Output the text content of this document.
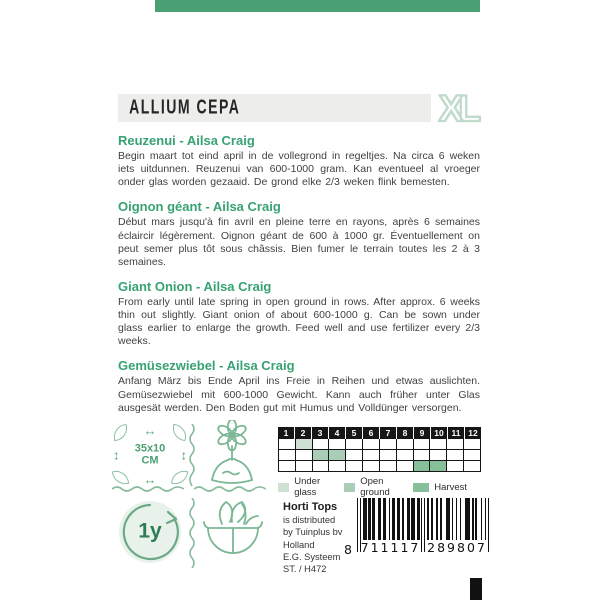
ALLIUM CEPA	XL
Reuzenui - Ailsa Craig

Begin maart tot eind april in de vollegrond in regeltjes. Na circa 6 weken iets uitdunnen. Reuzenui van 600-1000 gram. Kan eventueel al vroeger onder glas worden gezaaid. De grond elke 2/3 weken flink bemesten.

Oignon géant - Ailsa Craig

Début mars jusqu'à fin avril en pleine terre en rayons, après 6 semaines éclaircir légèrement. Oignon géant de 600 à 1000 gr. Éventuellement on peut semer plus tôt sous châssis. Bien fumer le terrain toutes les 2 à 3 semaines.

Giant Onion - Ailsa Craig

From early until late spring in open ground in rows. After approx. 6 weeks thin out slightly. Giant onion of about 600-1000 g. Can be sown under glass earlier to enlarge the growth. Feed well and use fertilizer every 2/3 weeks.

Gemüsezwiebel - Ailsa Craig

Anfang März bis Ende April ins Freie in Reihen und etwas auslichten. Gemüsezwiebel mit 600-1000 Gewicht. Kann auch früher unter Glas ausgesät werden. Den Boden gut mit Humus und Volldünger versorgen.

↔
↔
↕	↕
35x10
CM
1	2	3	4	5	6	7	8	9	10 11 12
Under glass
Open ground	Harvest
1y
Horti Tops
is distributed
by Tuinplus bv
Holland
E.G. Systeem
ST. / H472
8 711117 289807
